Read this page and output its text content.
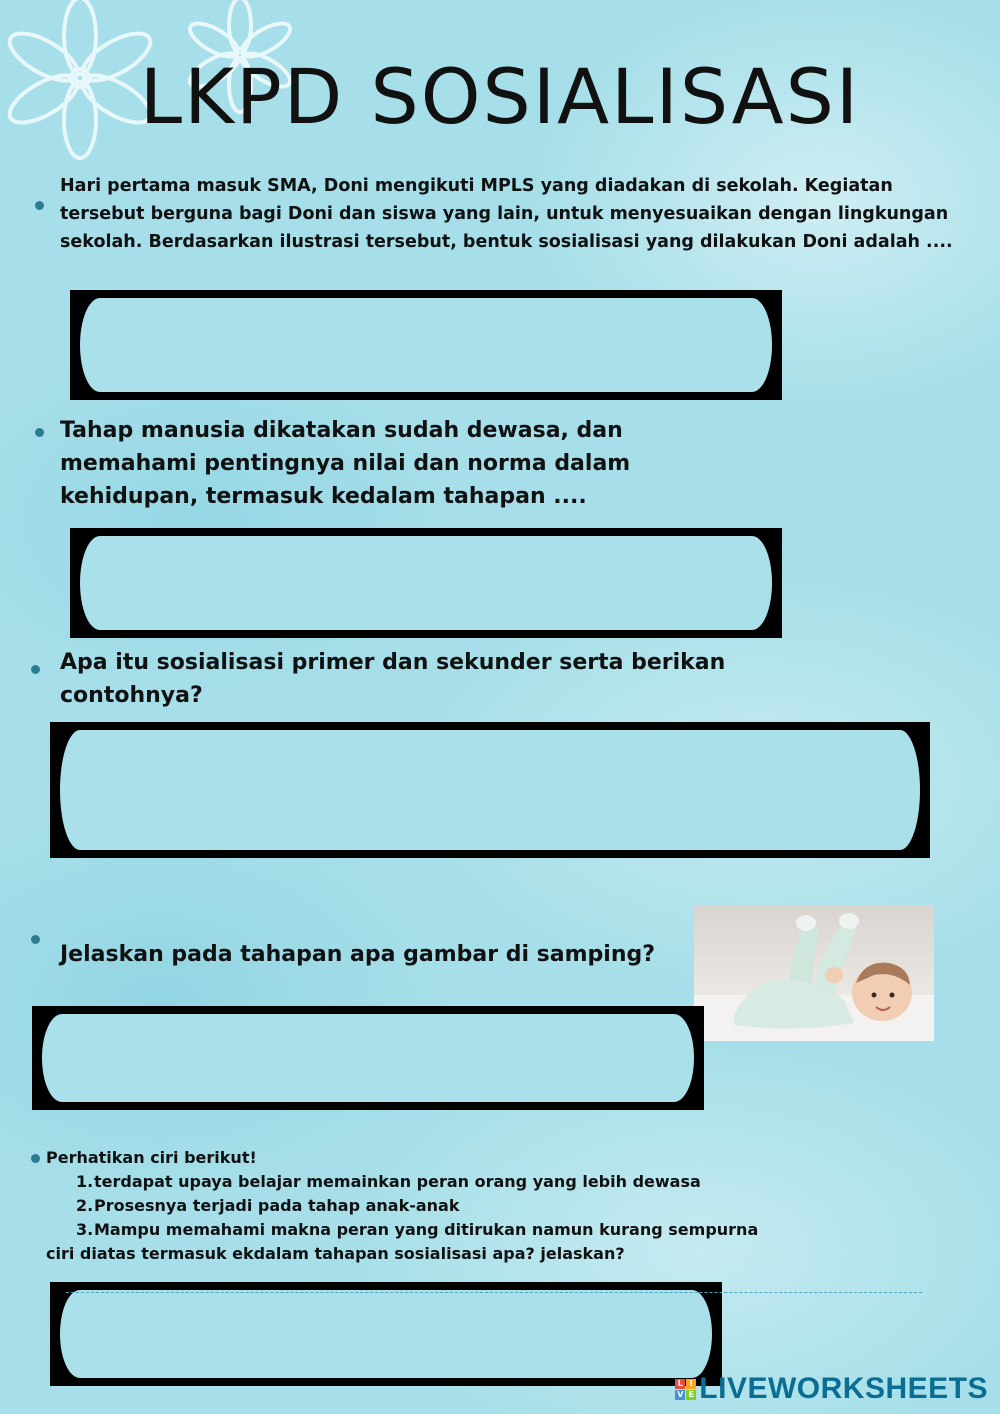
LKPD SOSIALISASI

Hari pertama masuk SMA, Doni mengikuti MPLS yang diadakan di sekolah. Kegiatan tersebut berguna bagi Doni dan siswa yang lain, untuk menyesuaikan dengan lingkungan sekolah. Berdasarkan ilustrasi tersebut, bentuk sosialisasi yang dilakukan Doni adalah ....

Tahap manusia dikatakan sudah dewasa, dan memahami pentingnya nilai dan norma dalam kehidupan, termasuk kedalam tahapan ....

Apa itu sosialisasi primer dan sekunder serta berikan contohnya?

Jelaskan pada tahapan apa gambar di samping?

Perhatikan ciri berikut!
1.terdapat upaya belajar memainkan peran orang yang lebih dewasa
2.Prosesnya terjadi pada tahap anak-anak
3.Mampu memahami makna peran yang ditirukan namun kurang sempurna
ciri diatas termasuk ekdalam tahapan sosialisasi apa? jelaskan?
L I
V E LIVEWORKSHEETS
